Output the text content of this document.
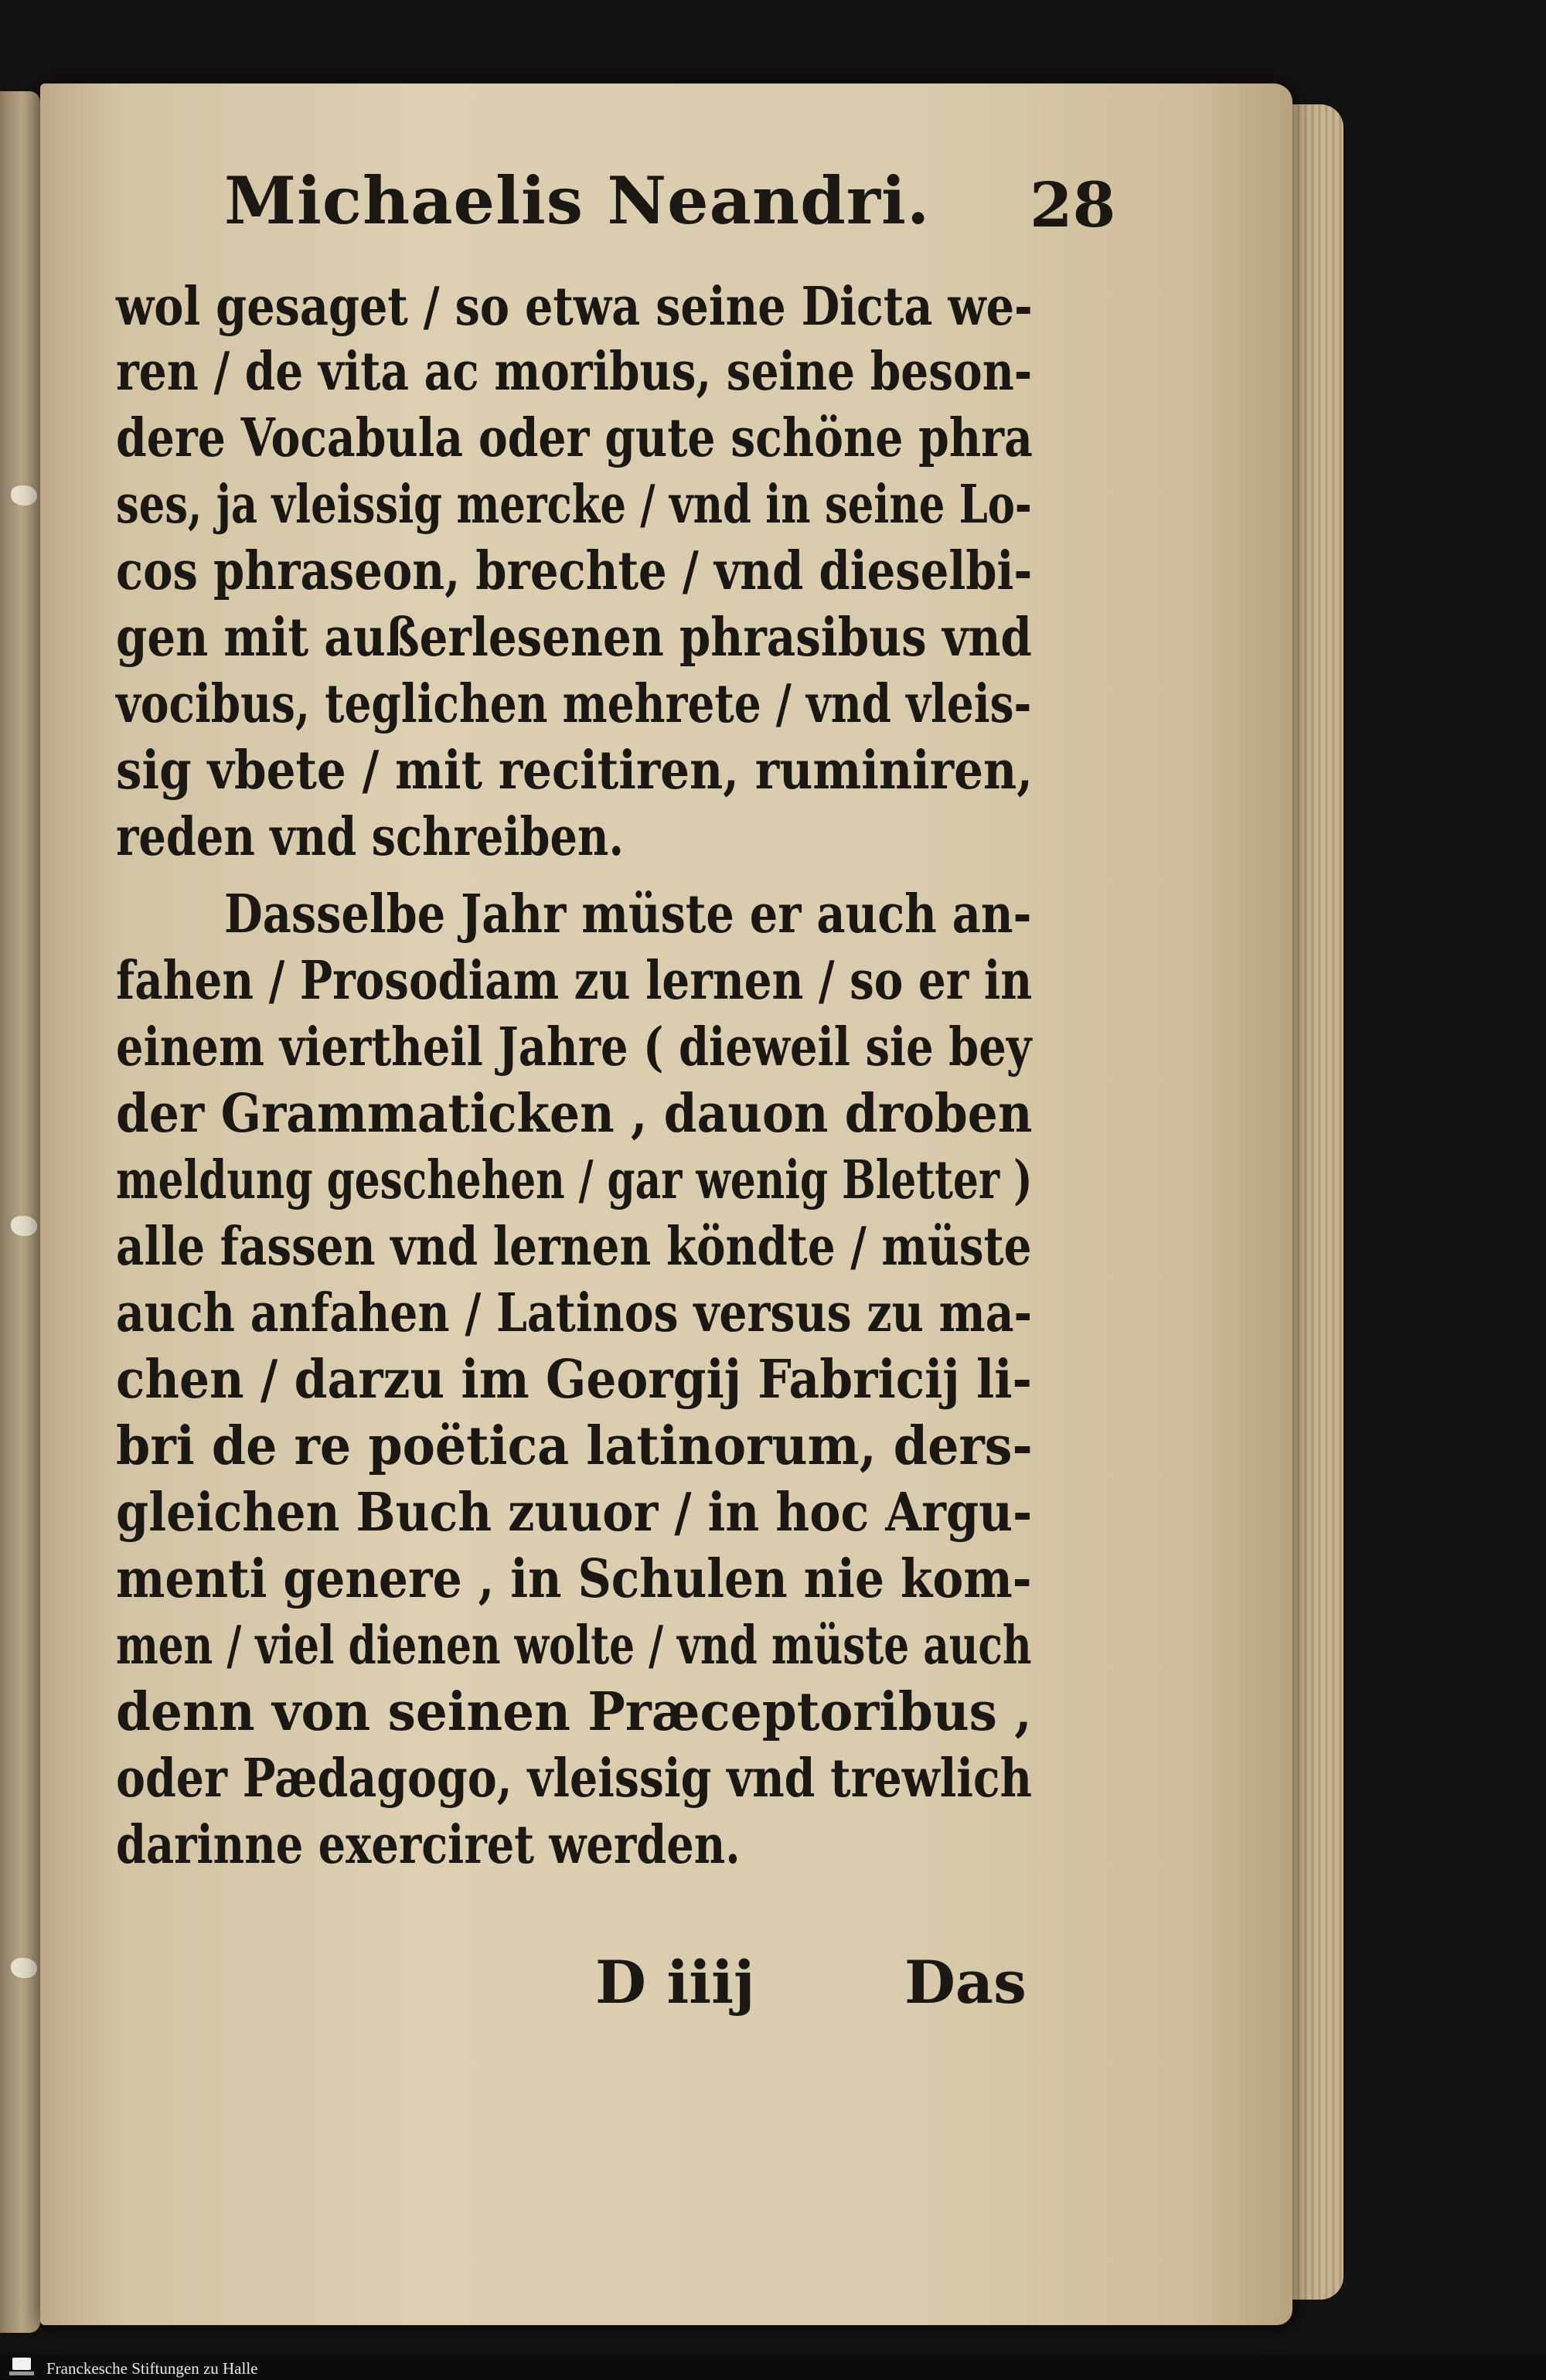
Michaelis Neandri. 28
wol gesaget / so etwa seine Dicta we-
ren / de vita ac moribus, seine beson-
dere Vocabula oder gute schöne phra
ses, ja vleissig mercke / vnd in seine Lo-
cos phraseon, brechte / vnd dieselbi-
gen mit außerlesenen phrasibus vnd
vocibus, teglichen mehrete / vnd vleis-
sig vbete / mit recitiren, ruminiren,
reden vnd schreiben.
Dasselbe Jahr müste er auch an-
fahen / Prosodiam zu lernen / so er in
einem viertheil Jahre ( dieweil sie bey
der Grammaticken , dauon droben
meldung geschehen / gar wenig Bletter )
alle fassen vnd lernen köndte / müste
auch anfahen / Latinos versus zu ma-
chen / darzu im Georgij Fabricij li-
bri de re poëtica latinorum, ders-
gleichen Buch zuuor / in hoc Argu-
menti genere , in Schulen nie kom-
men / viel dienen wolte / vnd müste auch
denn von seinen Præceptoribus ,
oder Pædagogo, vleissig vnd trewlich
darinne exerciret werden.
D iiij	Das
Franckesche Stiftungen zu Halle
